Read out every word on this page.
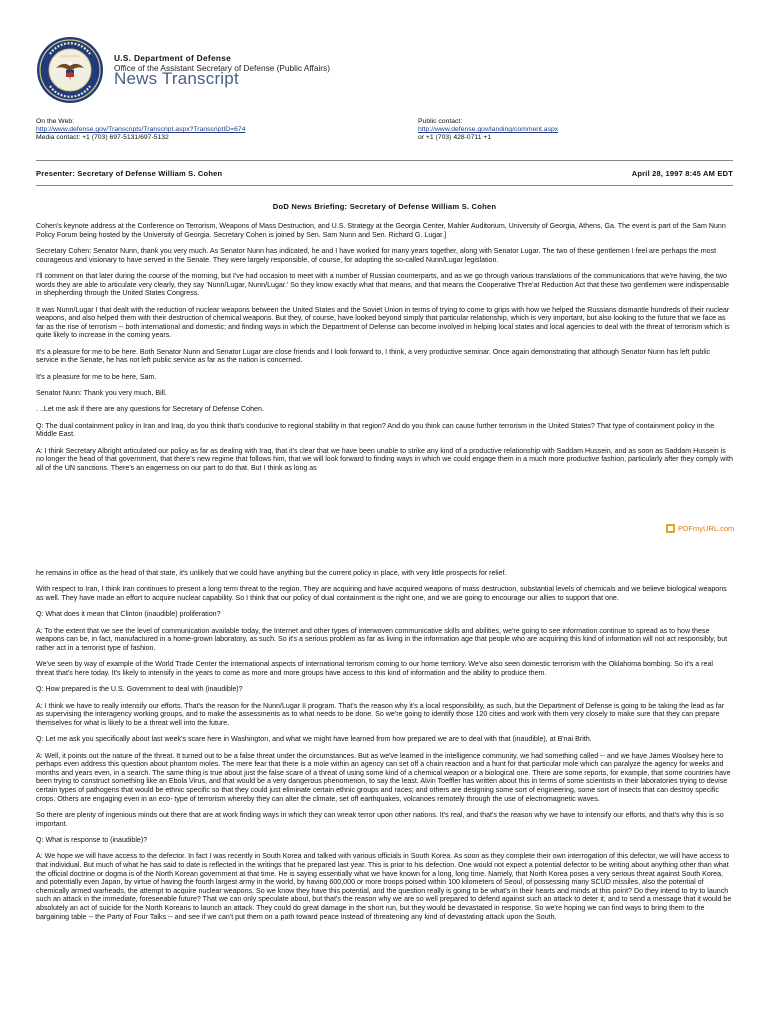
U.S. Department of Defense
Office of the Assistant Secretary of Defense (Public Affairs)
News Transcript
On the Web:
http://www.defense.gov/Transcripts/Transcript.aspx?TranscriptID=674
Media contact: +1 (703) 697-5131/697-5132
Public contact:
http://www.defense.gov/landing/comment.aspx
or +1 (703) 428-0711 +1
Presenter: Secretary of Defense William S. Cohen	April 28, 1997 8:45 AM EDT
DoD News Briefing: Secretary of Defense William S. Cohen

Cohen's keynote address at the Conference on Terrorism, Weapons of Mass Destruction, and U.S. Strategy at the Georgia Center, Mahler Auditorium, University of Georgia, Athens, Ga. The event is part of the Sam Nunn Policy Forum being hosted by the University of Georgia. Secretary Cohen is joined by Sen. Sam Nunn and Sen. Richard G. Lugar.]

Secretary Cohen: Senator Nunn, thank you very much. As Senator Nunn has indicated, he and I have worked for many years together, along with Senator Lugar. The two of these gentlemen I feel are perhaps the most courageous and visionary to have served in the Senate. They were largely responsible, of course, for adopting the so-called Nunn/Lugar legislation.

I'll comment on that later during the course of the morning, but I've had occasion to meet with a number of Russian counterparts, and as we go through various translations of the communications that we're having, the two words they are able to articulate very clearly, they say 'Nunn/Lugar, Nunn/Lugar.' So they know exactly what that means, and that means the Cooperative Thre'at Reduction Act that these two gentlemen were indispensable in shepherding through the United States Congress.

It was Nunn/Lugar I that dealt with the reduction of nuclear weapons between the United States and the Soviet Union in terms of trying to come to grips with how we helped the Russians dismantle hundreds of their nuclear weapons, and also helped them with their destruction of chemical weapons. But they, of course, have looked beyond simply that particular relationship, which is very important, but also looking to the future that we face as far as the rise of terrorism -- both international and domestic; and finding ways in which the Department of Defense can become involved in helping local states and local agencies to deal with the threat of terrorism which is quite likely to increase in the coming years.

It's a pleasure for me to be here. Both Senator Nunn and Senator Lugar are close friends and I look forward to, I think, a very productive seminar. Once again demonstrating that although Senator Nunn has left public service in the Senate, he has not left public service as far as the nation is concerned.

It's a pleasure for me to be here, Sam.

Senator Nunn: Thank you very much, Bill.

. ..Let me ask if there are any questions for Secretary of Defense Cohen.

Q: The dual containment policy in Iran and Iraq, do you think that's conducive to regional stability in that region? And do you think can cause further terrorism in the United States? That type of containment policy in the Middle East.

A: I think Secretary Albright articulated our policy as far as dealing with Iraq, that it's clear that we have been unable to strike any kind of a productive relationship with Saddam Hussein, and as soon as Saddam Hussein is no longer the head of that government, that there's new regime that follows him, that we will look forward to finding ways in which we could engage them in a much more productive fashion, particularly after they comply with all of the UN sanctions. There's an eagerness on our part to do that. But I think as long as

PDFmyURL.com

he remains in office as the head of that state, it's unlikely that we could have anything but the current policy in place, with very little prospects for relief.

With respect to Iran, I think Iran continues to present a long term threat to the region. They are acquiring and have acquired weapons of mass destruction, substantial levels of chemicals and we believe biological weapons as well. They have made an effort to acquire nuclear capability. So I think that our policy of dual containment is the right one, and we are going to encourage our allies to support that one.

Q: What does it mean that Clinton (inaudible) proliferation?

A: To the extent that we see the level of communication available today, the Internet and other types of interwoven communicative skills and abilities, we're going to see information continue to spread as to how these weapons can be, in fact, manufactured in a home-grown laboratory, as such. So it's a serious problem as far as living in the information age that people who are acquiring this kind of information will not act responsibly, but rather act in a terrorist type of fashion.

We've seen by way of example of the World Trade Center the international aspects of international terrorism coming to our home territory. We've also seen domestic terrorism with the Oklahoma bombing. So it's a real threat that's here today. It's likely to intensify in the years to come as more and more groups have access to this kind of information and the ability to produce them.

Q: How prepared is the U.S. Government to deal with (inaudible)?

A: I think we have to really intensify our efforts. That's the reason for the Nunn/Lugar II program. That's the reason why it's a local responsibility, as such, but the Department of Defense is going to be taking the lead as far as supervising the interagency working groups, and to make the assessments as to what needs to be done. So we're going to identify those 120 cities and work with them very closely to make sure that they can prepare themselves for what is likely to be a threat well into the future.

Q: Let me ask you specifically about last week's scare here in Washington, and what we might have learned from how prepared we are to deal with that (inaudible), at B'nai Brith.

A: Well, it points out the nature of the threat. It turned out to be a false threat under the circumstances. But as we've learned in the intelligence community, we had something called -- and we have James Woolsey here to perhaps even address this question about phantom moles. The mere fear that there is a mole within an agency can set off a chain reaction and a hunt for that particular mole which can paralyze the agency for weeks and months and years even, in a search. The same thing is true about just the false scare of a threat of using some kind of a chemical weapon or a biological one. There are some reports, for example, that some countries have been trying to construct something like an Ebola Virus, and that would be a very dangerous phenomenon, to say the least. Alvin Toeffler has written about this in terms of some scientists in their laboratories trying to devise certain types of pathogens that would be ethnic specific so that they could just eliminate certain ethnic groups and races; and others are designing some sort of engineering, some sort of insects that can destroy specific crops. Others are engaging even in an eco- type of terrorism whereby they can alter the climate, set off earthquakes, volcanoes remotely through the use of electromagnetic waves.

So there are plenty of ingenious minds out there that are at work finding ways in which they can wreak terror upon other nations. It's real, and that's the reason why we have to intensify our efforts, and that's why this is so important.

Q: What is response to (inaudible)?

A: We hope we will have access to the defector. In fact I was recently in South Korea and talked with various officials in South Korea. As soon as they complete their own interrogation of this defector, we will have access to that individual. But much of what he has said to date is reflected in the writings that he prepared last year. This is prior to his defection. One would not expect a potential defector to be writing about anything other than what the official doctrine or dogma is of the North Korean government at that time. He is saying essentially what we have known for a long, long time. Namely, that North Korea poses a very serious threat against South Korea, and potentially even Japan, by virtue of having the fourth largest army in the world, by having 600,000 or more troops poised within 100 kilometers of Seoul, of possessing many SCUD missiles, also the potential of chemically armed warheads, the attempt to acquire nuclear weapons. So we know they have this potential, and the question really is going to be what's in their hearts and minds at this point? Do they intend to try to launch such an attack in the immediate, foreseeable future? That we can only speculate about, but that's the reason why we are so well prepared to defend against such an attack to deter it; and to send a message that it would be absolutely an act of suicide for the North Koreans to launch an attack. They could do great damage in the short run, but they would be devastated in response. So we're hoping we can find ways to bring them to the bargaining table -- the Party of Four Talks -- and see if we can't put them on a path toward peace instead of threatening any kind of devastating attack upon the South.
